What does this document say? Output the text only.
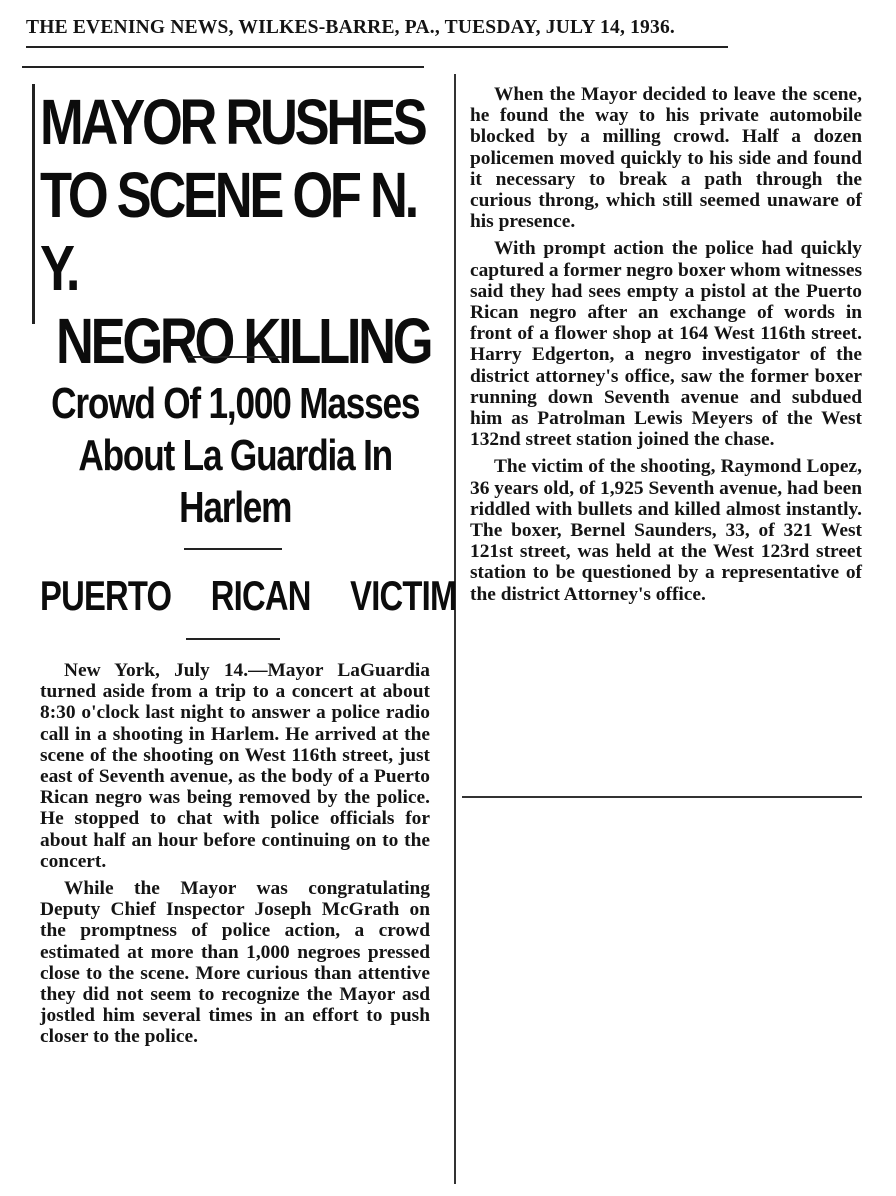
THE EVENING NEWS, WILKES-BARRE, PA., TUESDAY, JULY 14, 1936.
MAYOR RUSHES
TO SCENE OF N. Y.
NEGRO KILLING
Crowd Of 1,000 Masses
About La Guardia In
Harlem
PUERTO RICAN VICTIM

New York, July 14.—Mayor LaGuardia turned aside from a trip to a concert at about 8:30 o'clock last night to answer a police radio call in a shooting in Harlem. He arrived at the scene of the shooting on West 116th street, just east of Seventh avenue, as the body of a Puerto Rican negro was being removed by the police. He stopped to chat with police officials for about half an hour before continuing on to the concert.

While the Mayor was congratulating Deputy Chief Inspector Joseph McGrath on the promptness of police action, a crowd estimated at more than 1,000 negroes pressed close to the scene. More curious than attentive they did not seem to recognize the Mayor asd jostled him several times in an effort to push closer to the police.

When the Mayor decided to leave the scene, he found the way to his private automobile blocked by a milling crowd. Half a dozen policemen moved quickly to his side and found it necessary to break a path through the curious throng, which still seemed unaware of his presence.

With prompt action the police had quickly captured a former negro boxer whom witnesses said they had sees empty a pistol at the Puerto Rican negro after an exchange of words in front of a flower shop at 164 West 116th street. Harry Edgerton, a negro investigator of the district attorney's office, saw the former boxer running down Seventh avenue and subdued him as Patrolman Lewis Meyers of the West 132nd street station joined the chase.

The victim of the shooting, Raymond Lopez, 36 years old, of 1,925 Seventh avenue, had been riddled with bullets and killed almost instantly. The boxer, Bernel Saunders, 33, of 321 West 121st street, was held at the West 123rd street station to be questioned by a representative of the district Attorney's office.
